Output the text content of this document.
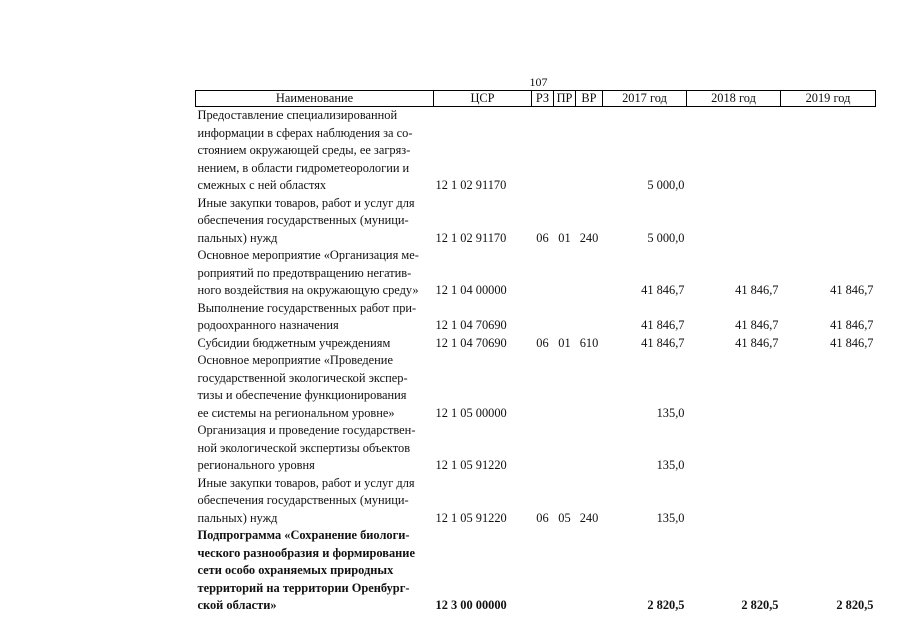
107
Наименование	ЦСР	РЗ	ПР	ВР	2017 год	2018 год	2019 год

Предоставление специализированной
информации в сферах наблюдения за со-
стоянием окружающей среды, ее загряз-
нением, в области гидрометеорологии и
смежных с ней областях	12 1 02 91170				5 000,0		

Иные закупки товаров, работ и услуг для
обеспечения государственных (муници-
пальных) нужд	12 1 02 91170	06	01	240	5 000,0		

Основное мероприятие «Организация ме-
роприятий по предотвращению негатив-
ного воздействия на окружающую среду»	12 1 04 00000				41 846,7	41 846,7	41 846,7

Выполнение государственных работ при-
родоохранного назначения	12 1 04 70690				41 846,7	41 846,7	41 846,7

Субсидии бюджетным учреждениям	12 1 04 70690	06	01	610	41 846,7	41 846,7	41 846,7

Основное мероприятие «Проведение
государственной экологической экспер-
тизы и обеспечение функционирования
ее системы на региональном уровне»	12 1 05 00000				135,0		

Организация и проведение государствен-
ной экологической экспертизы объектов
регионального уровня	12 1 05 91220				135,0		

Иные закупки товаров, работ и услуг для
обеспечения государственных (муници-
пальных) нужд	12 1 05 91220	06	05	240	135,0		

Подпрограмма «Сохранение биологи-
ческого разнообразия и формирование
сети особо охраняемых природных
территорий на территории Оренбург-
ской области»	12 3 00 00000				2 820,5	2 820,5	2 820,5
